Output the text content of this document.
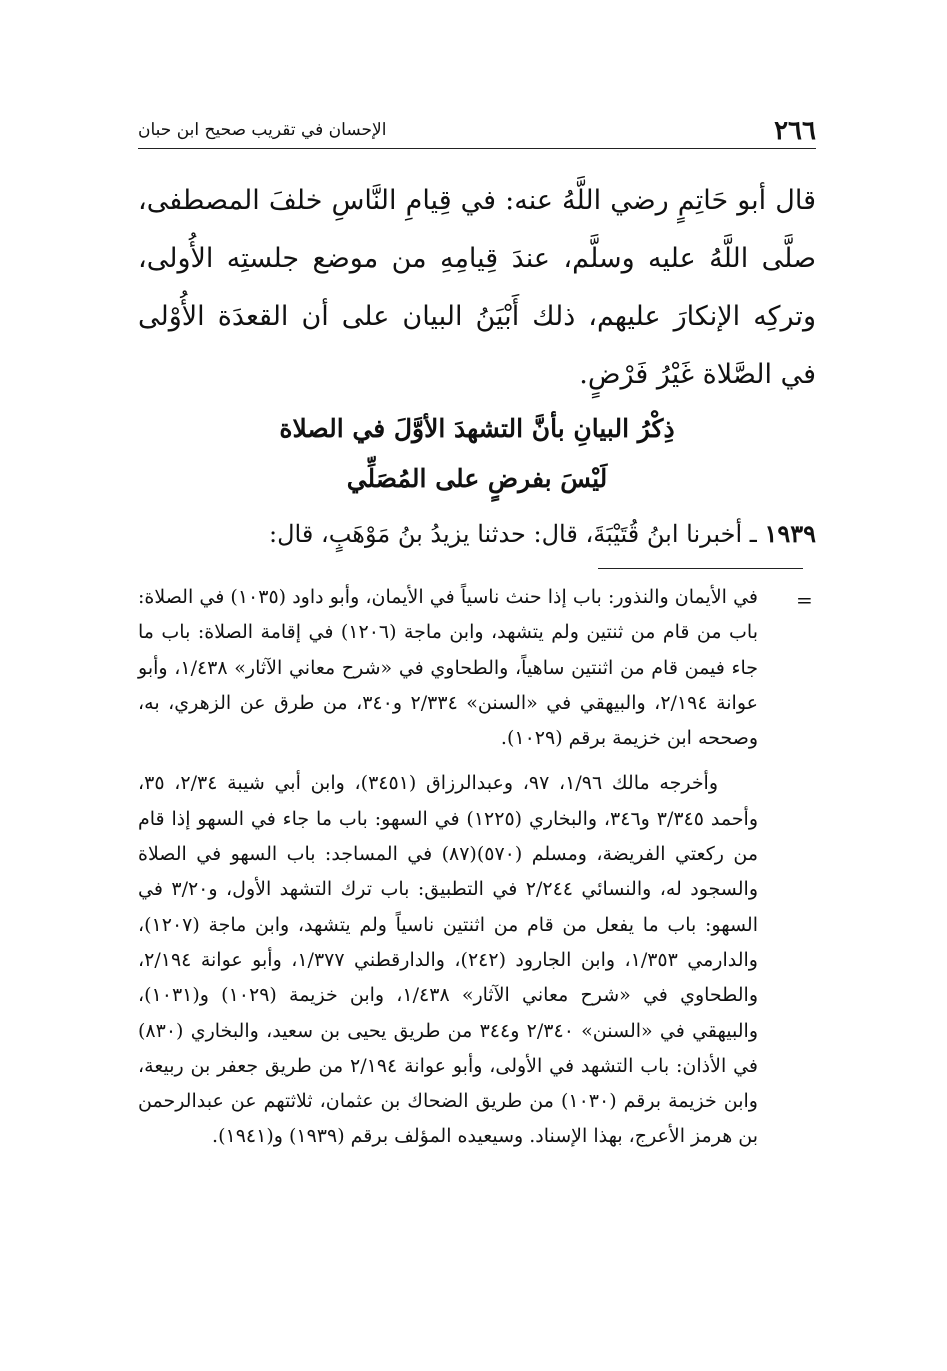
٢٦٦
الإحسان في تقريب صحيح ابن حبان
قال أبو حَاتِمٍ رضي اللَّهُ عنه: في قِيامِ النَّاسِ خلفَ المصطفى، صلَّى اللَّهُ عليه وسلَّم، عندَ قِيامِهِ من موضع جلستِه الأُولى، وتركِه الإنكارَ عليهم، ذلك أَبْيَنُ البيان على أن القعدَة الأُوْلى في الصَّلاة غَيْرُ فَرْضٍ.
ذِكْرُ البيانِ بأنَّ التشهدَ الأوَّلَ في الصلاة
لَيْسَ بفرضٍ على المُصَلِّي
١٩٣٩ ـ أخبرنا ابنُ قُتَيْبَةَ، قال: حدثنا يزيدُ بنُ مَوْهَبٍ، قال:
=

في الأيمان والنذور: باب إذا حنث ناسياً في الأيمان، وأبو داود (١٠٣٥) في الصلاة: باب من قام من ثنتين ولم يتشهد، وابن ماجة (١٢٠٦) في إقامة الصلاة: باب ما جاء فيمن قام من اثنتين ساهياً، والطحاوي في «شرح معاني الآثار» ١/٤٣٨، وأبو عوانة ٢/١٩٤، والبيهقي في «السنن» ٢/٣٣٤ و٣٤٠، من طرق عن الزهري، به، وصححه ابن خزيمة برقم (١٠٢٩).

وأخرجه مالك ١/٩٦، ٩٧، وعبدالرزاق (٣٤٥١)، وابن أبي شيبة ٢/٣٤، ٣٥، وأحمد ٣/٣٤٥ و٣٤٦، والبخاري (١٢٢٥) في السهو: باب ما جاء في السهو إذا قام من ركعتي الفريضة، ومسلم (٥٧٠)(٨٧) في المساجد: باب السهو في الصلاة والسجود له، والنسائي ٢/٢٤٤ في التطبيق: باب ترك التشهد الأول، و٣/٢٠ في السهو: باب ما يفعل من قام من اثنتين ناسياً ولم يتشهد، وابن ماجة (١٢٠٧)، والدارمي ١/٣٥٣، وابن الجارود (٢٤٢)، والدارقطني ١/٣٧٧، وأبو عوانة ٢/١٩٤، والطحاوي في «شرح معاني الآثار» ١/٤٣٨، وابن خزيمة (١٠٢٩) و(١٠٣١)، والبيهقي في «السنن» ٢/٣٤٠ و٣٤٤ من طريق يحيى بن سعيد، والبخاري (٨٣٠) في الأذان: باب التشهد في الأولى، وأبو عوانة ٢/١٩٤ من طريق جعفر بن ربيعة، وابن خزيمة برقم (١٠٣٠) من طريق الضحاك بن عثمان، ثلاثتهم عن عبدالرحمن بن هرمز الأعرج، بهذا الإسناد. وسيعيده المؤلف برقم (١٩٣٩) و(١٩٤١).
